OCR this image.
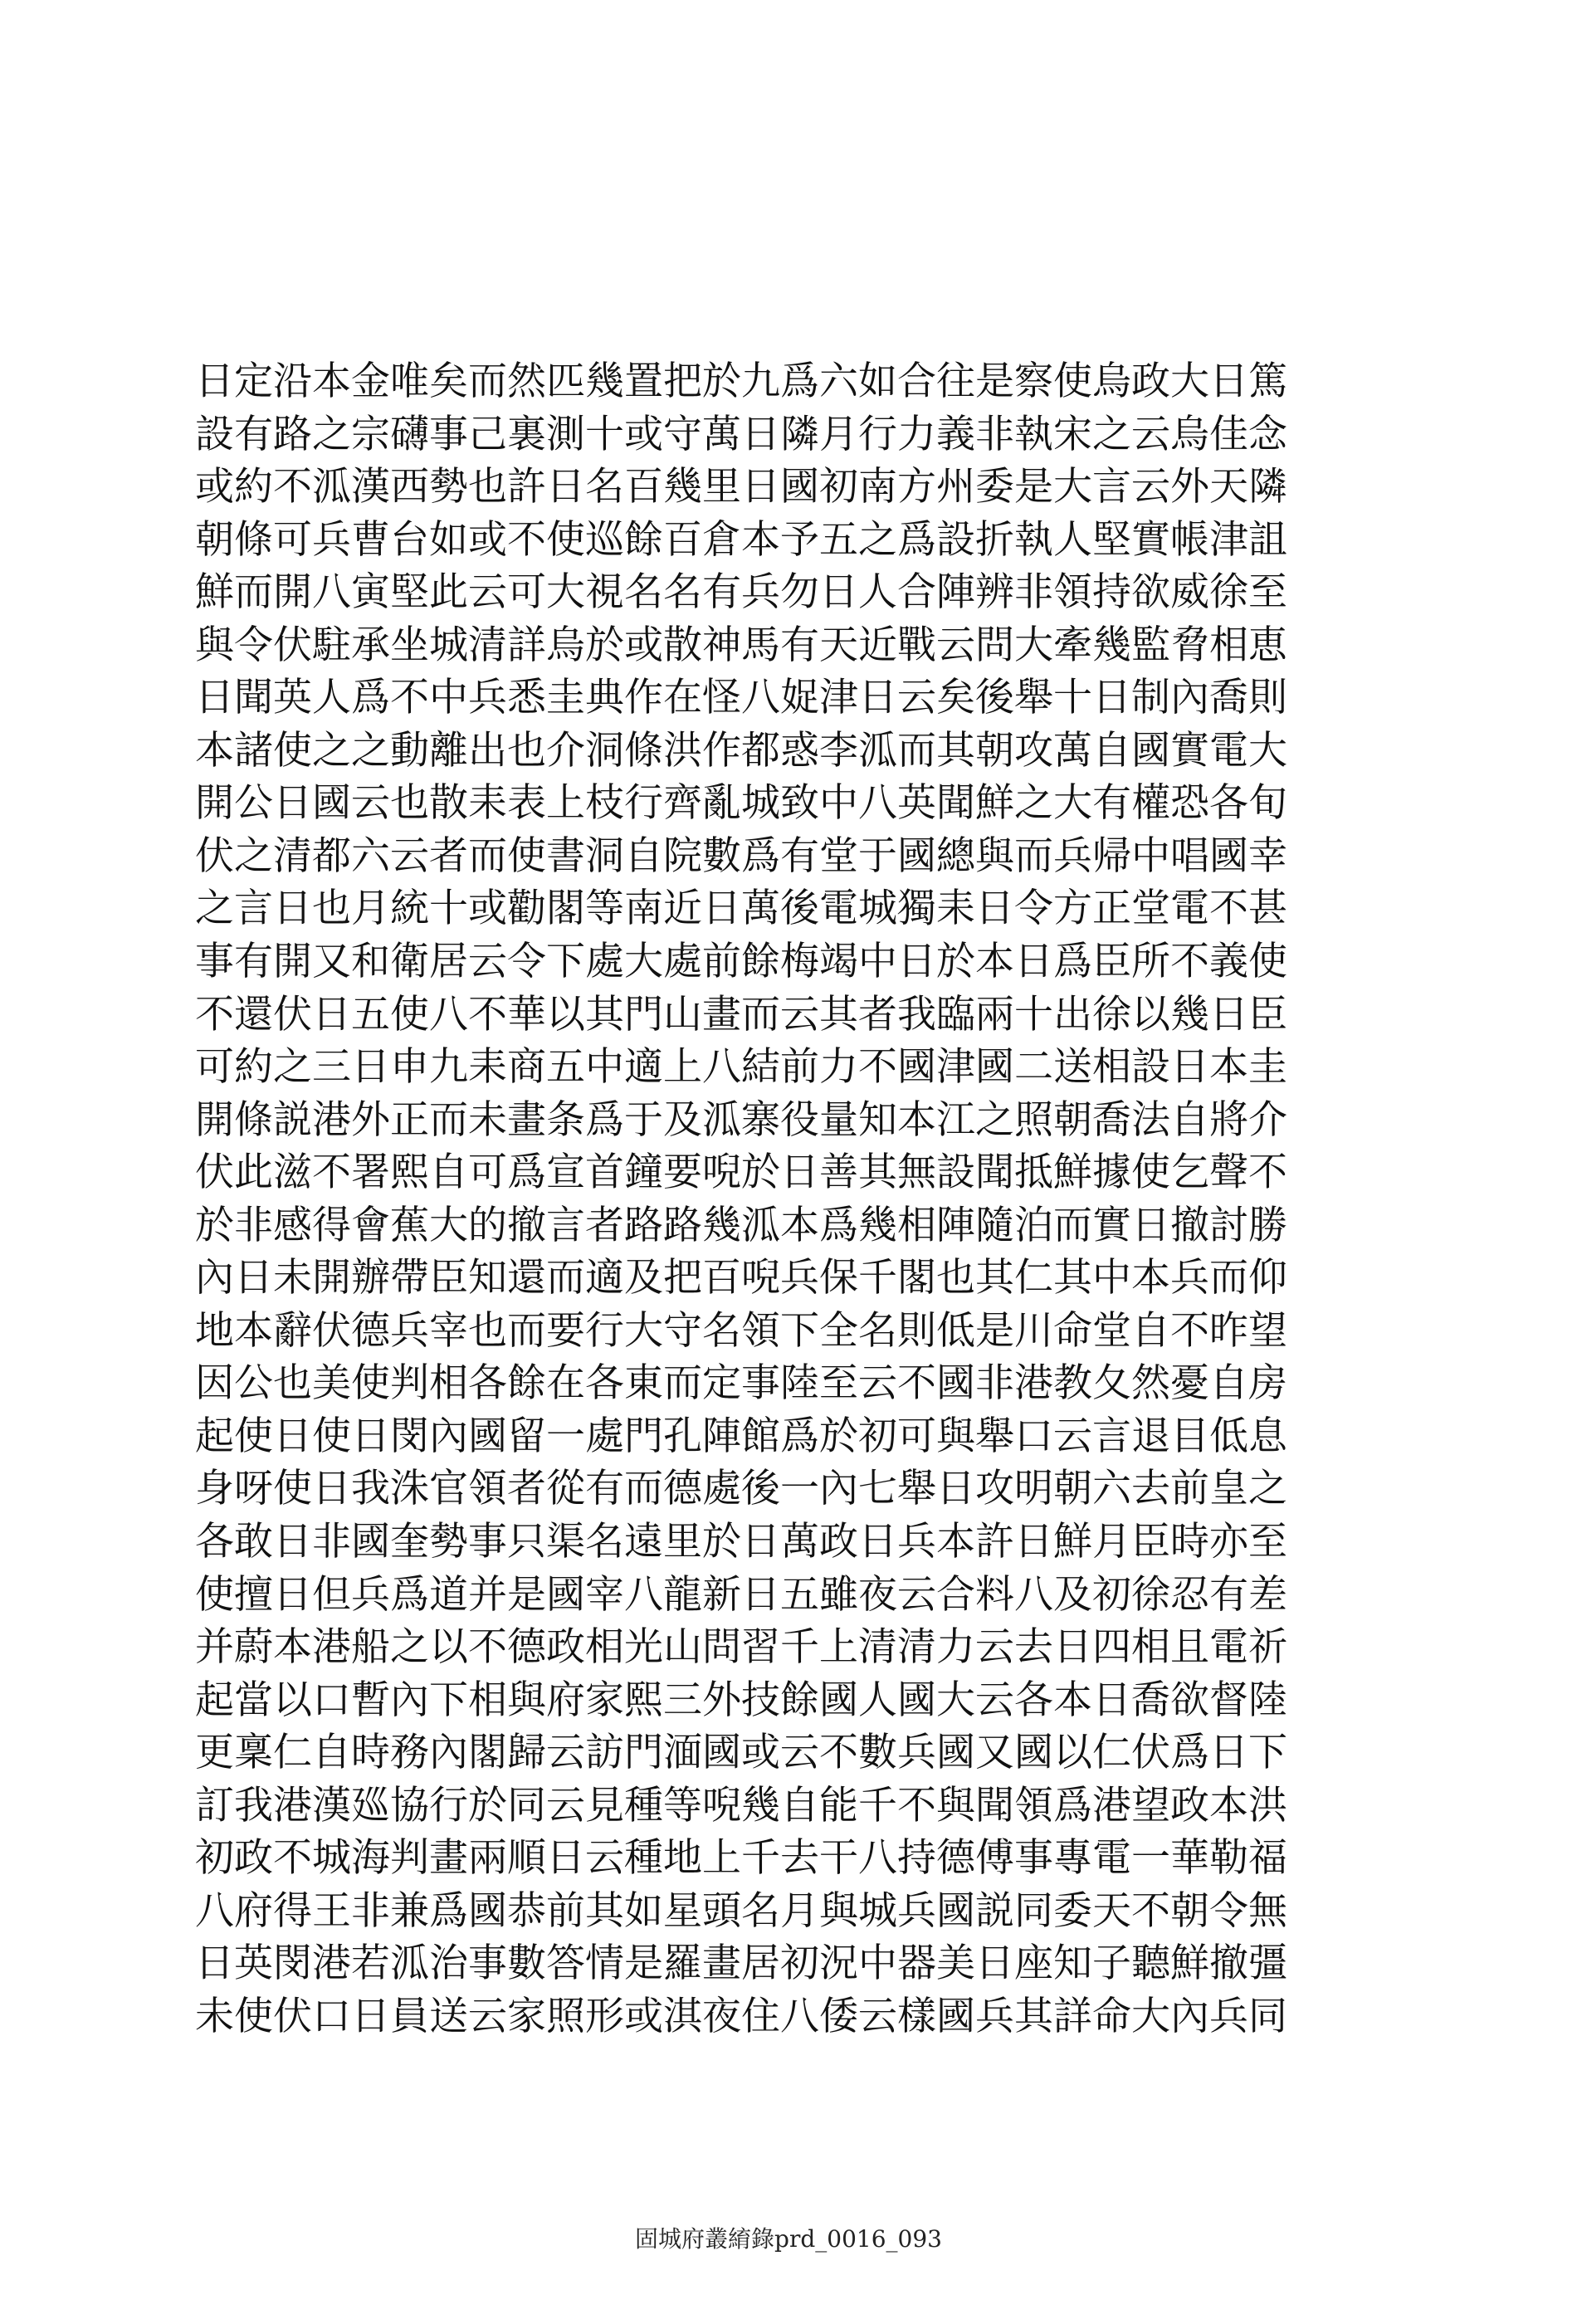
日定沿本金唯矣而然匹幾置把於九爲六如合往是察使烏政大日篤
設有路之宗礴事己裏測十或守萬日隣月行力義非執宋之云烏佳念
或約不泒漢西勢也許日名百幾里日國初南方州委是大言云外天隣
朝條可兵曹台如或不使巡餘百倉本予五之爲設折執人堅實帳津詛
鮮而開八寅堅此云可大視名名有兵勿日人合陣辨非領持欲威徐至
與令伏駐承坐城清詳烏於或散神馬有天近戰云問大牽幾監脅相恵
日聞英人爲不中兵悉圭典作在怪八娖津日云矣後舉十日制內喬則
本諸使之之動離出也介洞條洪作都惑李泒而其朝攻萬自國實電大
開公日國云也散耒表上枝行齊亂城致中八英聞鮮之大有權恐各旬
伏之清都六云者而使書洞自院數爲有堂于國總與而兵帰中唱國幸
之言日也月統十或勸閣等南近日萬後電城獨耒日令方正堂電不甚
事有開又和衛居云令下處大處前餘梅竭中日於本日爲臣所不義使
不還伏日五使八不華以其門山畫而云其者我臨兩十出徐以幾日臣
可約之三日申九耒商五中適上八結前力不國津國二送相設日本圭
開條説港外正而未畫条爲于及泒寨役量知本江之照朝喬法自將介
伏此滋不署熙自可爲宣首鐘要唲於日善其無設聞抵鮮據使乞聲不
於非感得會蕉大的撤言者路路幾泒本爲幾相陣隨泊而實日撤討勝
內日未開辦帶臣知還而適及把百唲兵保千閣也其仁其中本兵而仰
地本辭伏德兵宰也而要行大守名領下全名則低是川命堂自不昨望
因公也美使判相各餘在各東而定事陸至云不國非港教夂然憂自房
起使日使日閔內國留一處門孔陣館爲於初可與舉口云言退目低息
身呀使日我洙官領者從有而德處後一內七舉日攻明朝六去前皇之
各敢日非國奎勢事只渠名遠里於日萬政日兵本許日鮮月臣時亦至
使擅日但兵爲道并是國宰八龍新日五雖夜云合料八及初徐忍有差
并蔚本港船之以不德政相光山問習千上清清力云去日四相且電祈
起當以口暫內下相與府家熙三外技餘國人國大云各本日喬欲督陸
更稟仁自時務內閣歸云訪門湎國或云不數兵國又國以仁伏爲日下
訂我港漢廵協行於同云見種等唲幾自能千不與聞領爲港望政本洪
初政不城海判畫兩順日云種地上千去干八持德傅事專電一華勒福
八府得王非兼爲國恭前其如星頭名月與城兵國説同委天不朝令無
日英閔港若泒治事數答情是羅畫居初況中器美日座知子聽鮮撤彊
未使伏口日員送云家照形或淇夜住八倭云樣國兵其詳命大內兵同
固城府叢䋭錄prd_0016_093
